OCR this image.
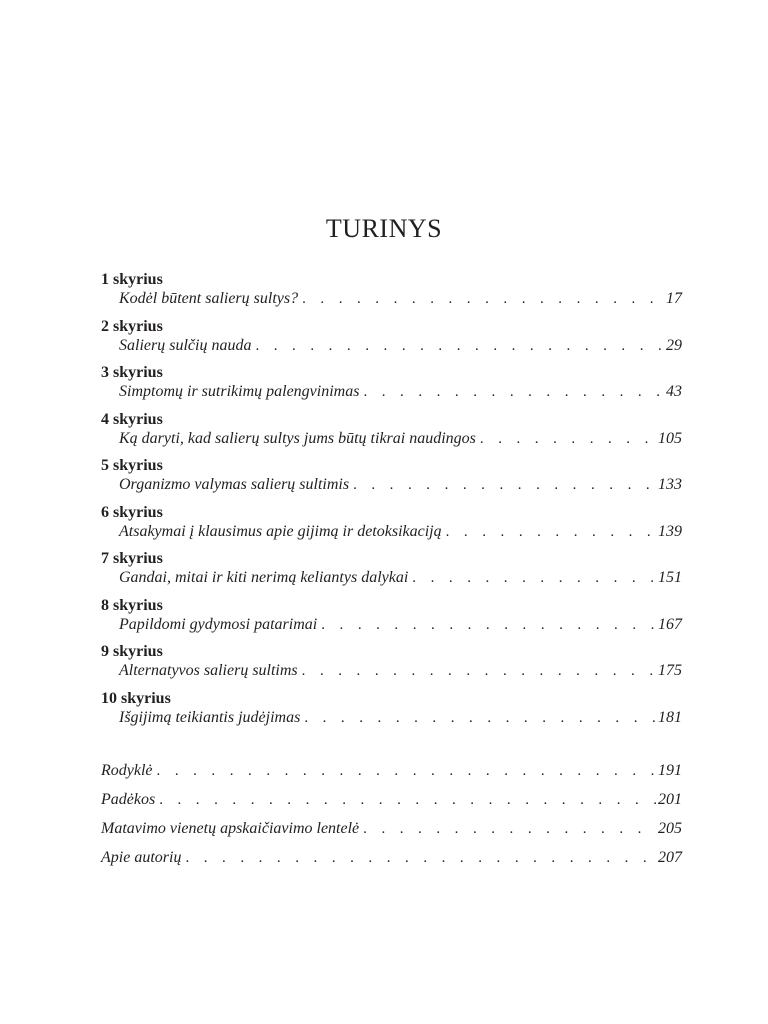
TURINYS
1 skyrius
Kodėl būtent salierų sultys? . . .	17
2 skyrius
Salierų sulčių nauda . . .	29
3 skyrius
Simptomų ir sutrikimų palengvinimas . . .	43
4 skyrius
Ką daryti, kad salierų sultys jums būtų tikrai naudingos . . .	105
5 skyrius
Organizmo valymas salierų sultimis . . .	133
6 skyrius
Atsakymai į klausimus apie gijimą ir detoksikaciją . . .	139
7 skyrius
Gandai, mitai ir kiti nerimą keliantys dalykai . . .	151
8 skyrius
Papildomi gydymosi patarimai . . .	167
9 skyrius
Alternatyvos salierų sultims . . .	175
10 skyrius
Išgijimą teikiantis judėjimas . . .	181
Rodyklė . . .	191
Padėkos . . .	201
Matavimo vienetų apskaičiavimo lentelė . . .	205
Apie autorių . . .	207
